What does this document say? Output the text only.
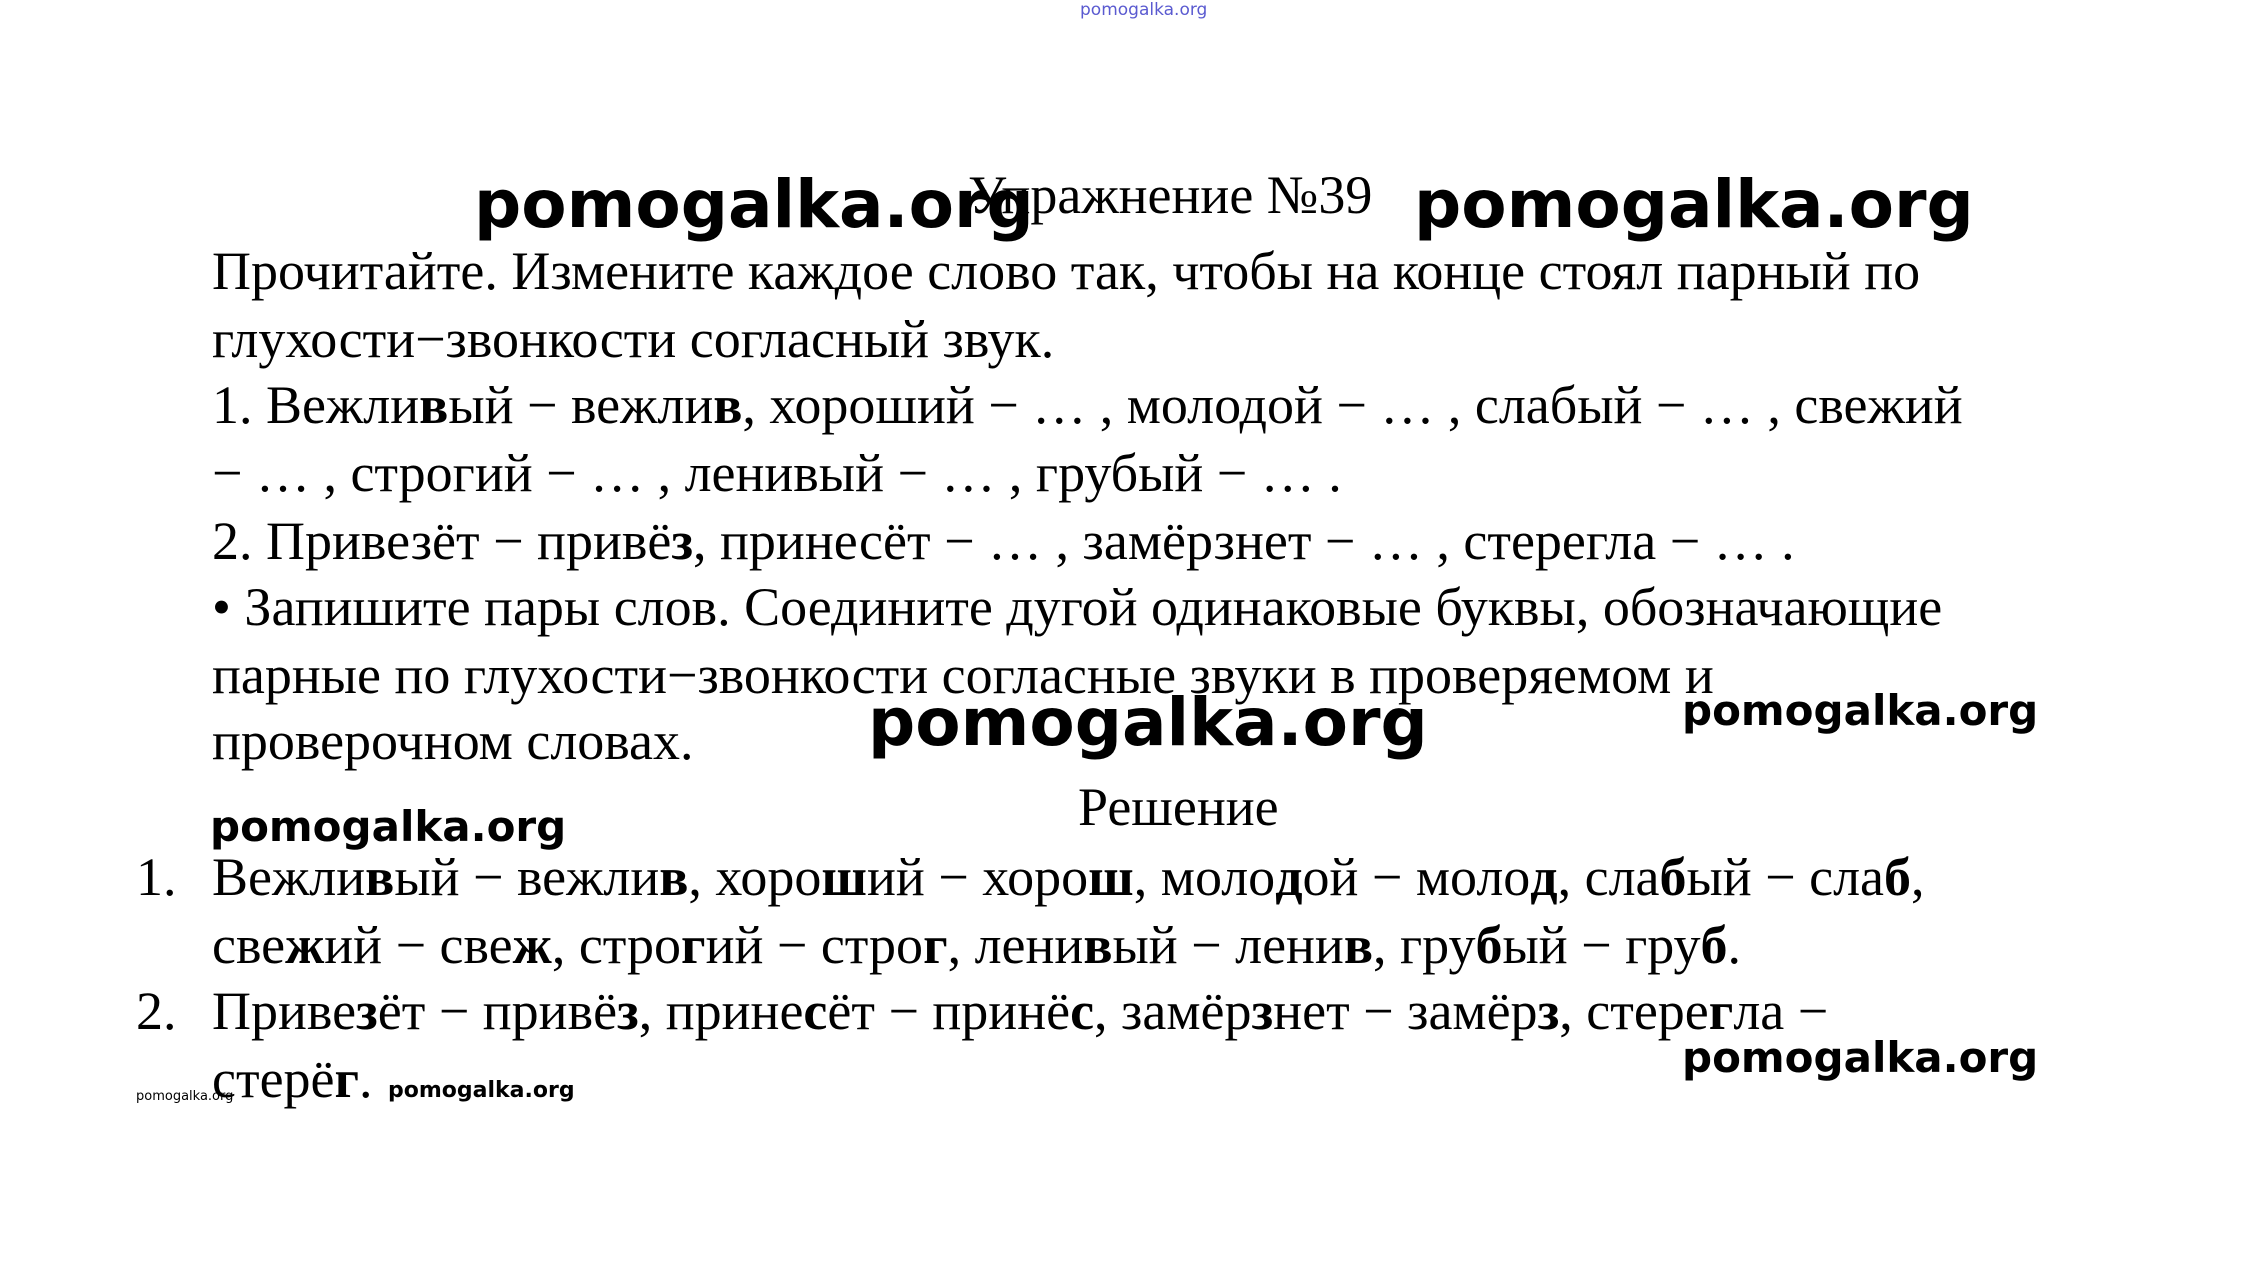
pomogalka.org
pomogalka.org
Упражнение №39 pomogalka.org
Прочитайте. Измените каждое слово так, чтобы на конце стоял парный по
глухости−звонкости согласный звук.
1. Вежливый − вежлив, хороший − … , молодой − … , слабый − … , свежий
− … , строгий − … , ленивый − … , грубый − … .
2. Привезёт − привёз, принесёт − … , замёрзнет − … , стерегла − … .
• Запишите пары слов. Соедините дугой одинаковые буквы, обозначающие
парные по глухости−звонкости согласные звуки в проверяемом и
проверочном словах.	pomogalka.org	pomogalka.org
Решение
pomogalka.org
1. Вежливый − вежлив, хороший − хорош, молодой − молод, слабый − слаб,
свежий − свеж, строгий − строг, ленивый − ленив, грубый − груб.
2. Привезёт − привёз, принeсёт − принёс, замёрзнет − замёрз, стерегла −
стерёг.	pomogalka.org
pomogalka.org	pomogalka.org
